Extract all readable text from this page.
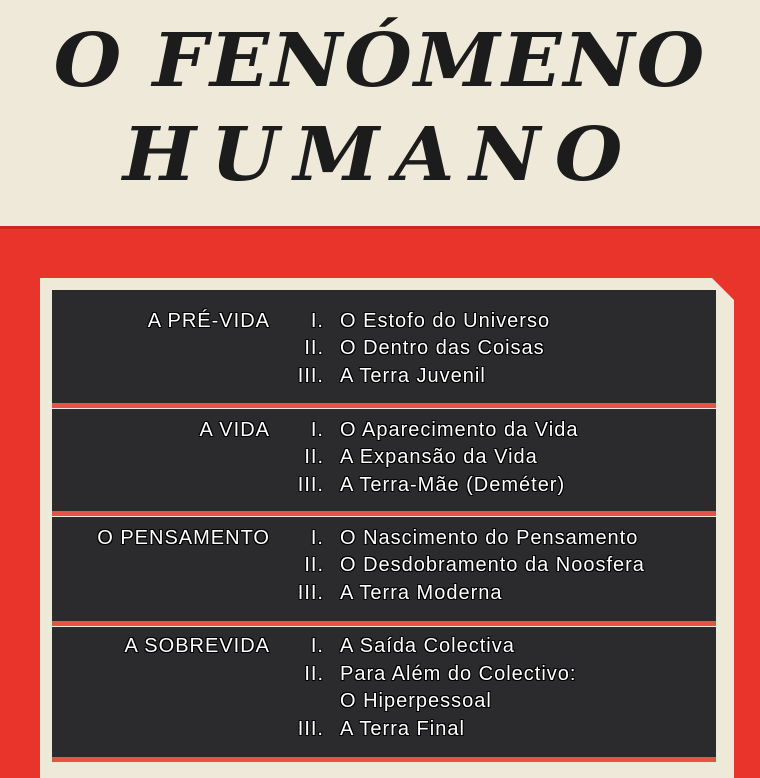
O FENÓMENO
HUMANO
A PRÉ-VIDA I. O Estofo do Universo
II. O Dentro das Coisas
III. A Terra Juvenil
A VIDA I. O Aparecimento da Vida
II. A Expansão da Vida
III. A Terra-Mãe (Deméter)
O PENSAMENTO I. O Nascimento do Pensamento
II. O Desdobramento da Noosfera
III. A Terra Moderna
A SOBREVIDA I. A Saída Colectiva
II. Para Além do Colectivo:
O Hiperpessoal
III. A Terra Final
